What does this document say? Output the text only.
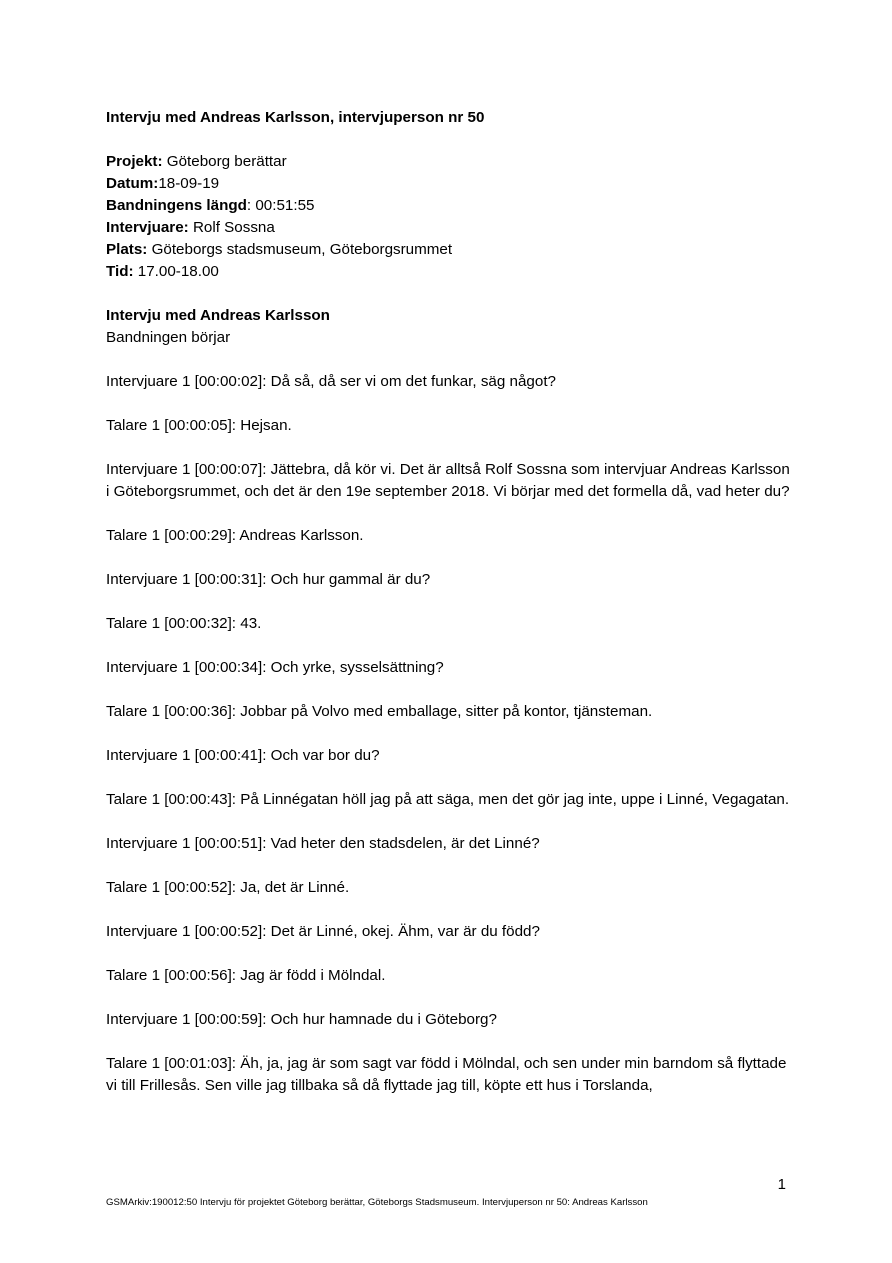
Intervju med Andreas Karlsson, intervjuperson nr 50
Projekt: Göteborg berättar
Datum:18-09-19
Bandningens längd: 00:51:55
Intervjuare: Rolf Sossna
Plats: Göteborgs stadsmuseum, Göteborgsrummet
Tid: 17.00-18.00
Intervju med Andreas Karlsson
Bandningen börjar

Intervjuare 1 [00:00:02]: Då så, då ser vi om det funkar, säg något?

Talare 1 [00:00:05]: Hejsan.

Intervjuare 1 [00:00:07]: Jättebra, då kör vi. Det är alltså Rolf Sossna som intervjuar Andreas Karlsson i Göteborgsrummet, och det är den 19e september 2018. Vi börjar med det formella då, vad heter du?

Talare 1 [00:00:29]: Andreas Karlsson.

Intervjuare 1 [00:00:31]: Och hur gammal är du?

Talare 1 [00:00:32]: 43.

Intervjuare 1 [00:00:34]: Och yrke, sysselsättning?

Talare 1 [00:00:36]: Jobbar på Volvo med emballage, sitter på kontor, tjänsteman.

Intervjuare 1 [00:00:41]: Och var bor du?

Talare 1 [00:00:43]: På Linnégatan höll jag på att säga, men det gör jag inte, uppe i Linné, Vegagatan.

Intervjuare 1 [00:00:51]: Vad heter den stadsdelen, är det Linné?

Talare 1 [00:00:52]: Ja, det är Linné.

Intervjuare 1 [00:00:52]: Det är Linné, okej. Ähm, var är du född?

Talare 1 [00:00:56]: Jag är född i Mölndal.

Intervjuare 1 [00:00:59]: Och hur hamnade du i Göteborg?

Talare 1 [00:01:03]: Äh, ja, jag är som sagt var född i Mölndal, och sen under min barndom så flyttade vi till Frillesås. Sen ville jag tillbaka så då flyttade jag till, köpte ett hus i Torslanda,

1
GSMArkiv:190012:50 Intervju för projektet Göteborg berättar, Göteborgs Stadsmuseum. Intervjuperson nr 50: Andreas Karlsson
